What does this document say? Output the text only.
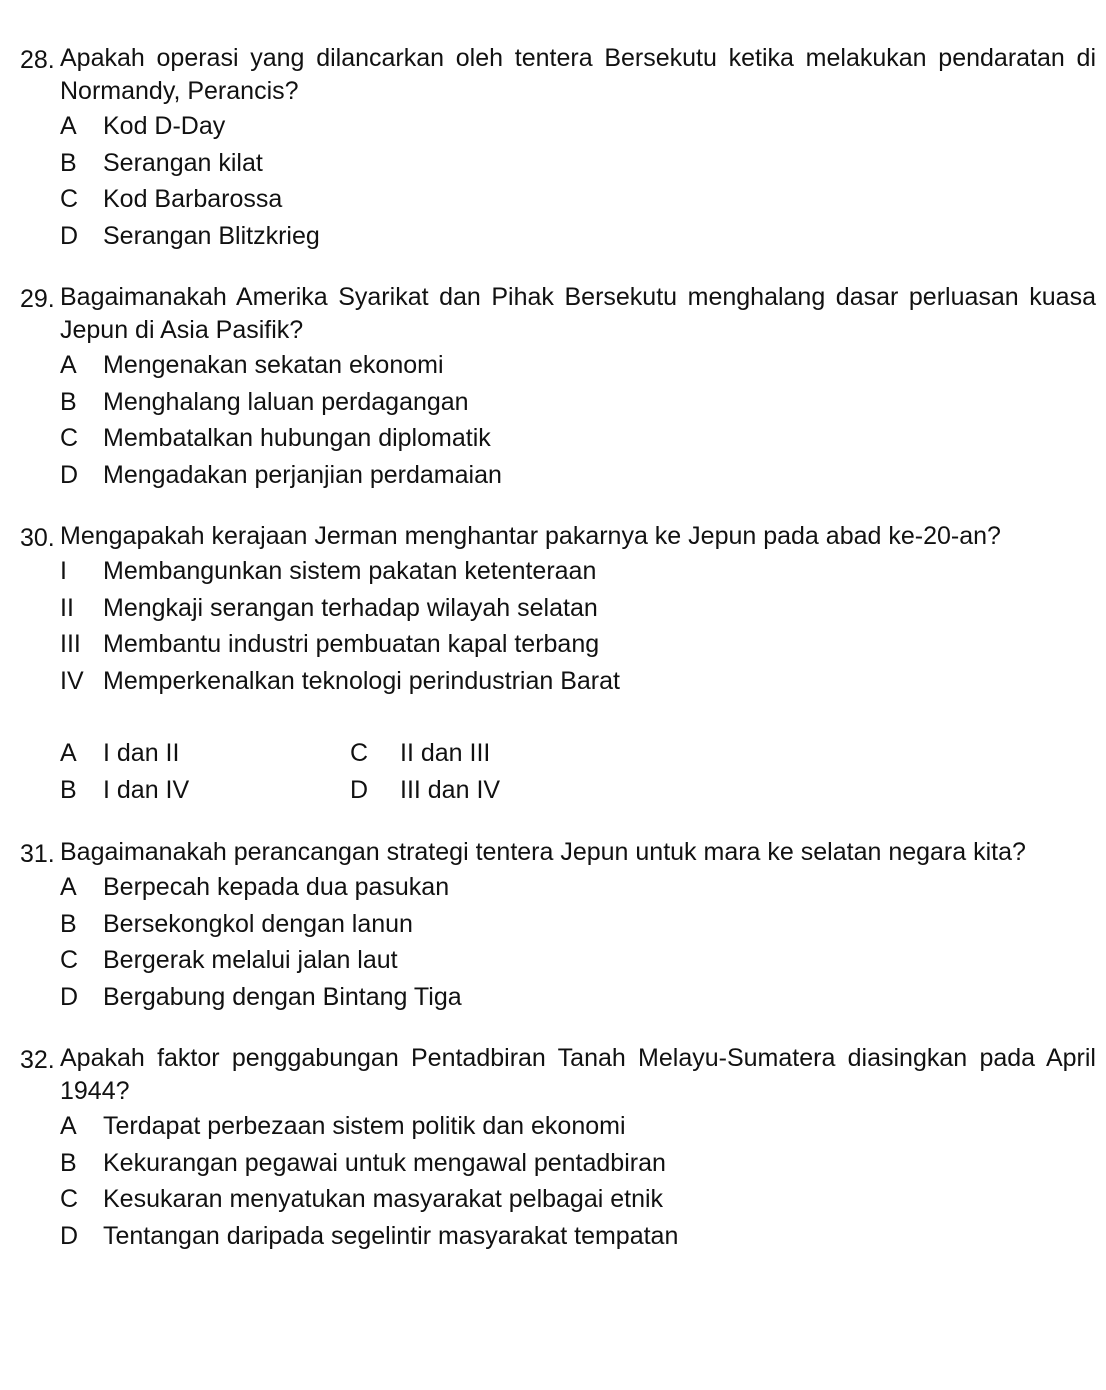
28. Apakah operasi yang dilancarkan oleh tentera Bersekutu ketika melakukan pendaratan di Normandy, Perancis?
A	Kod D-Day
B	Serangan kilat
C Kod Barbarossa
D Serangan Blitzkrieg
29. Bagaimanakah Amerika Syarikat dan Pihak Bersekutu menghalang dasar perluasan kuasa Jepun di Asia Pasifik?
A	Mengenakan sekatan ekonomi
B	Menghalang laluan perdagangan
C Membatalkan hubungan diplomatik
D Mengadakan perjanjian perdamaian
30. Mengapakah kerajaan Jerman menghantar pakarnya ke Jepun pada abad ke-20-an?
I	Membangunkan sistem pakatan ketenteraan
II	Mengkaji serangan terhadap wilayah selatan
III Membantu industri pembuatan kapal terbang
IV Memperkenalkan teknologi perindustrian Barat
A	I dan II	C	II dan III
B	I dan IV	D	III dan IV
31. Bagaimanakah perancangan strategi tentera Jepun untuk mara ke selatan negara kita?
A	Berpecah kepada dua pasukan
B	Bersekongkol dengan lanun
C Bergerak melalui jalan laut
D Bergabung dengan Bintang Tiga
32. Apakah faktor penggabungan Pentadbiran Tanah Melayu-Sumatera diasingkan pada April 1944?
A	Terdapat perbezaan sistem politik dan ekonomi
B	Kekurangan pegawai untuk mengawal pentadbiran
C Kesukaran menyatukan masyarakat pelbagai etnik
D Tentangan daripada segelintir masyarakat tempatan
